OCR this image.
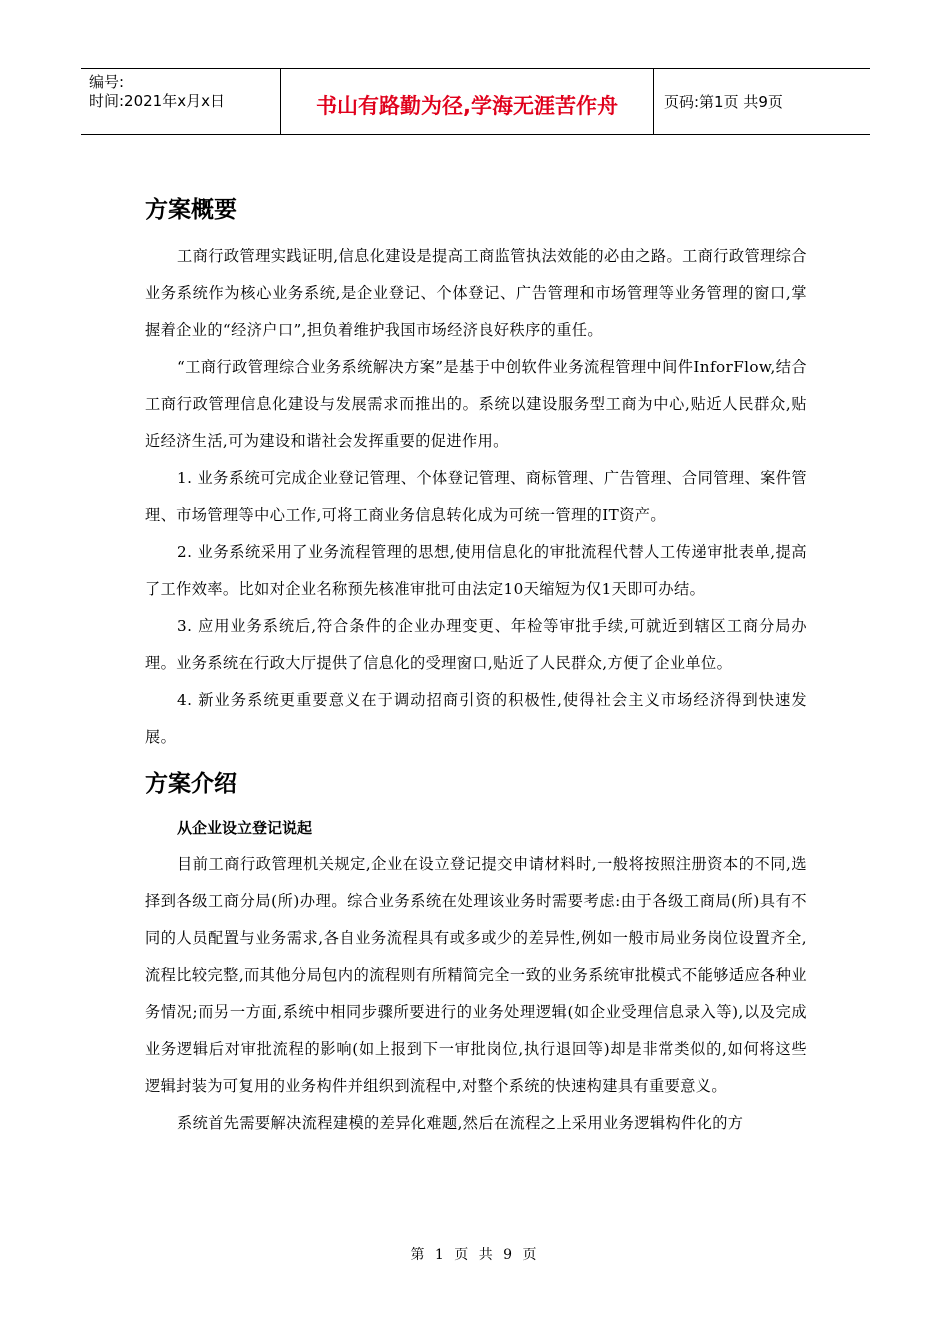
编号:
时间:2021年x月x日	书山有路勤为径,学海无涯苦作舟	页码:第1页 共9页
方案概要

工商行政管理实践证明,信息化建设是提高工商监管执法效能的必由之路。工商行政管理综合业务系统作为核心业务系统,是企业登记、个体登记、广告管理和市场管理等业务管理的窗口,掌握着企业的“经济户口”,担负着维护我国市场经济良好秩序的重任。

“工商行政管理综合业务系统解决方案”是基于中创软件业务流程管理中间件InforFlow,结合工商行政管理信息化建设与发展需求而推出的。系统以建设服务型工商为中心,贴近人民群众,贴近经济生活,可为建设和谐社会发挥重要的促进作用。

1. 业务系统可完成企业登记管理、个体登记管理、商标管理、广告管理、合同管理、案件管理、市场管理等中心工作,可将工商业务信息转化成为可统一管理的IT资产。

2. 业务系统采用了业务流程管理的思想,使用信息化的审批流程代替人工传递审批表单,提高了工作效率。比如对企业名称预先核准审批可由法定10天缩短为仅1天即可办结。

3. 应用业务系统后,符合条件的企业办理变更、年检等审批手续,可就近到辖区工商分局办理。业务系统在行政大厅提供了信息化的受理窗口,贴近了人民群众,方便了企业单位。

4. 新业务系统更重要意义在于调动招商引资的积极性,使得社会主义市场经济得到快速发展。

方案介绍
从企业设立登记说起

目前工商行政管理机关规定,企业在设立登记提交申请材料时,一般将按照注册资本的不同,选择到各级工商分局(所)办理。综合业务系统在处理该业务时需要考虑:由于各级工商局(所)具有不同的人员配置与业务需求,各自业务流程具有或多或少的差异性,例如一般市局业务岗位设置齐全,流程比较完整,而其他分局包内的流程则有所精简完全一致的业务系统审批模式不能够适应各种业务情况;而另一方面,系统中相同步骤所要进行的业务处理逻辑(如企业受理信息录入等),以及完成业务逻辑后对审批流程的影响(如上报到下一审批岗位,执行退回等)却是非常类似的,如何将这些逻辑封装为可复用的业务构件并组织到流程中,对整个系统的快速构建具有重要意义。

系统首先需要解决流程建模的差异化难题,然后在流程之上采用业务逻辑构件化的方

第 1 页 共 9 页
